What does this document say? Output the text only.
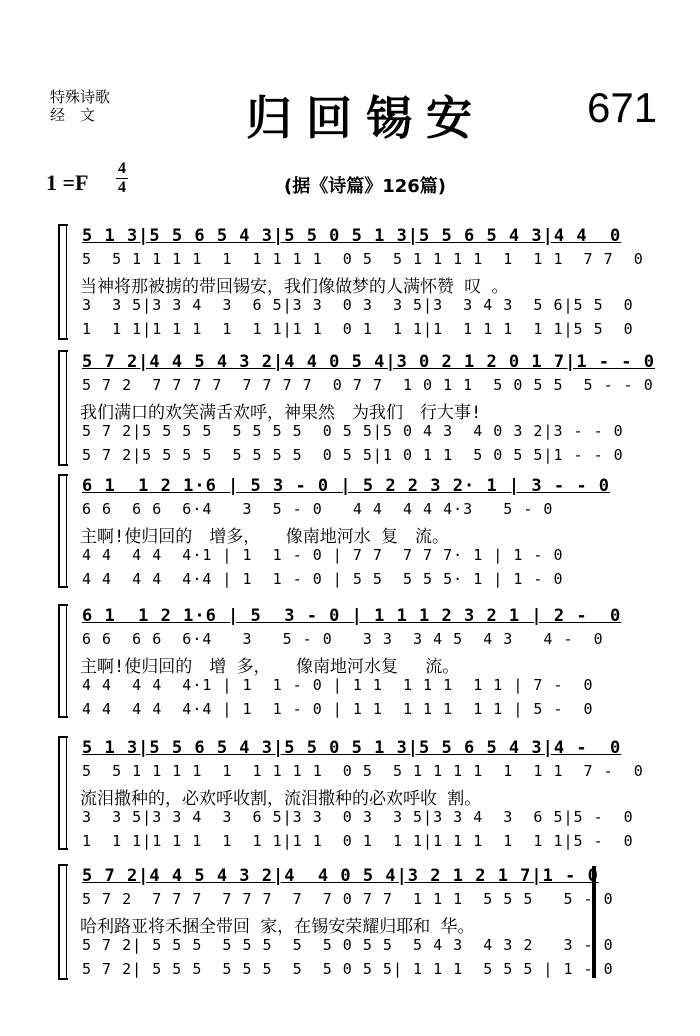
特殊诗歌
经　文	归回锡安 671
1 =F
4
4	(据《诗篇》126篇)
5 1 3|5 5 6 5 4 3|5 5 0 5 1 3|5 5 6 5 4 3|4 4  0
5  5 1 1 1 1  1  1 1 1 1  0 5  5 1 1 1 1  1  1 1  7 7  0
当神将那被掳的带回锡安，我们像做梦的人满怀赞 叹 。
3  3 5|3 3 4  3  6 5|3 3  0 3  3 5|3  3 4 3  5 6|5 5  0
1  1 1|1 1 1  1  1 1|1 1  0 1  1 1|1  1 1 1  1 1|5 5  0
5 7 2|4 4 5 4 3 2|4 4 0 5 4|3 0 2 1 2 0 1 7|1 - - 0
5 7 2  7 7 7 7  7 7 7 7  0 7 7  1 0 1 1  5 0 5 5  5 - - 0
我们满口的欢笑满舌欢呼，神果然　为我们　行大事!
5 7 2|5 5 5 5  5 5 5 5  0 5 5|5 0 4 3  4 0 3 2|3 - - 0
5 7 2|5 5 5 5  5 5 5 5  0 5 5|1 0 1 1  5 0 5 5|1 - - 0
6 1  1 2 1·6 | 5 3 - 0 | 5 2 2 3 2· 1 | 3 - - 0
6 6  6 6  6·4   3  5 - 0   4 4  4 4 4·3   5 - 0
主啊!使归回的　增多，　　像南地河水 复　流。
4 4  4 4  4·1 | 1  1 - 0 | 7 7  7 7 7· 1 | 1 - 0
4 4  4 4  4·4 | 1  1 - 0 | 5 5  5 5 5· 1 | 1 - 0
6 1  1 2 1·6 | 5  3 - 0 | 1 1 1 2 3 2 1 | 2 -  0
6 6  6 6  6·4   3   5 - 0   3 3  3 4 5  4 3   4 -  0
主啊!使归回的　增 多，　　像南地河水复　 流。
4 4  4 4  4·1 | 1  1 - 0 | 1 1  1 1 1  1 1 | 7 -  0
4 4  4 4  4·4 | 1  1 - 0 | 1 1  1 1 1  1 1 | 5 -  0
5 1 3|5 5 6 5 4 3|5 5 0 5 1 3|5 5 6 5 4 3|4 -  0
5  5 1 1 1 1  1  1 1 1 1  0 5  5 1 1 1 1  1  1 1  7 -  0
流泪撒种的，必欢呼收割，流泪撒种的必欢呼收 割。
3  3 5|3 3 4  3  6 5|3 3  0 3  3 5|3 3 4  3  6 5|5 -  0
1  1 1|1 1 1  1  1 1|1 1  0 1  1 1|1 1 1  1  1 1|5 -  0
5 7 2|4 4 5 4 3 2|4  4 0 5 4|3 2 1 2 1 7|1 - 0
5 7 2  7 7 7  7 7 7  7  7 0 7 7  1 1 1  5 5 5   5 - 0
哈利路亚将禾捆全带回 家，在锡安荣耀归耶和 华。
5 7 2| 5 5 5  5 5 5  5  5 0 5 5  5 4 3  4 3 2   3 - 0
5 7 2| 5 5 5  5 5 5  5  5 0 5 5| 1 1 1  5 5 5 | 1 - 0
